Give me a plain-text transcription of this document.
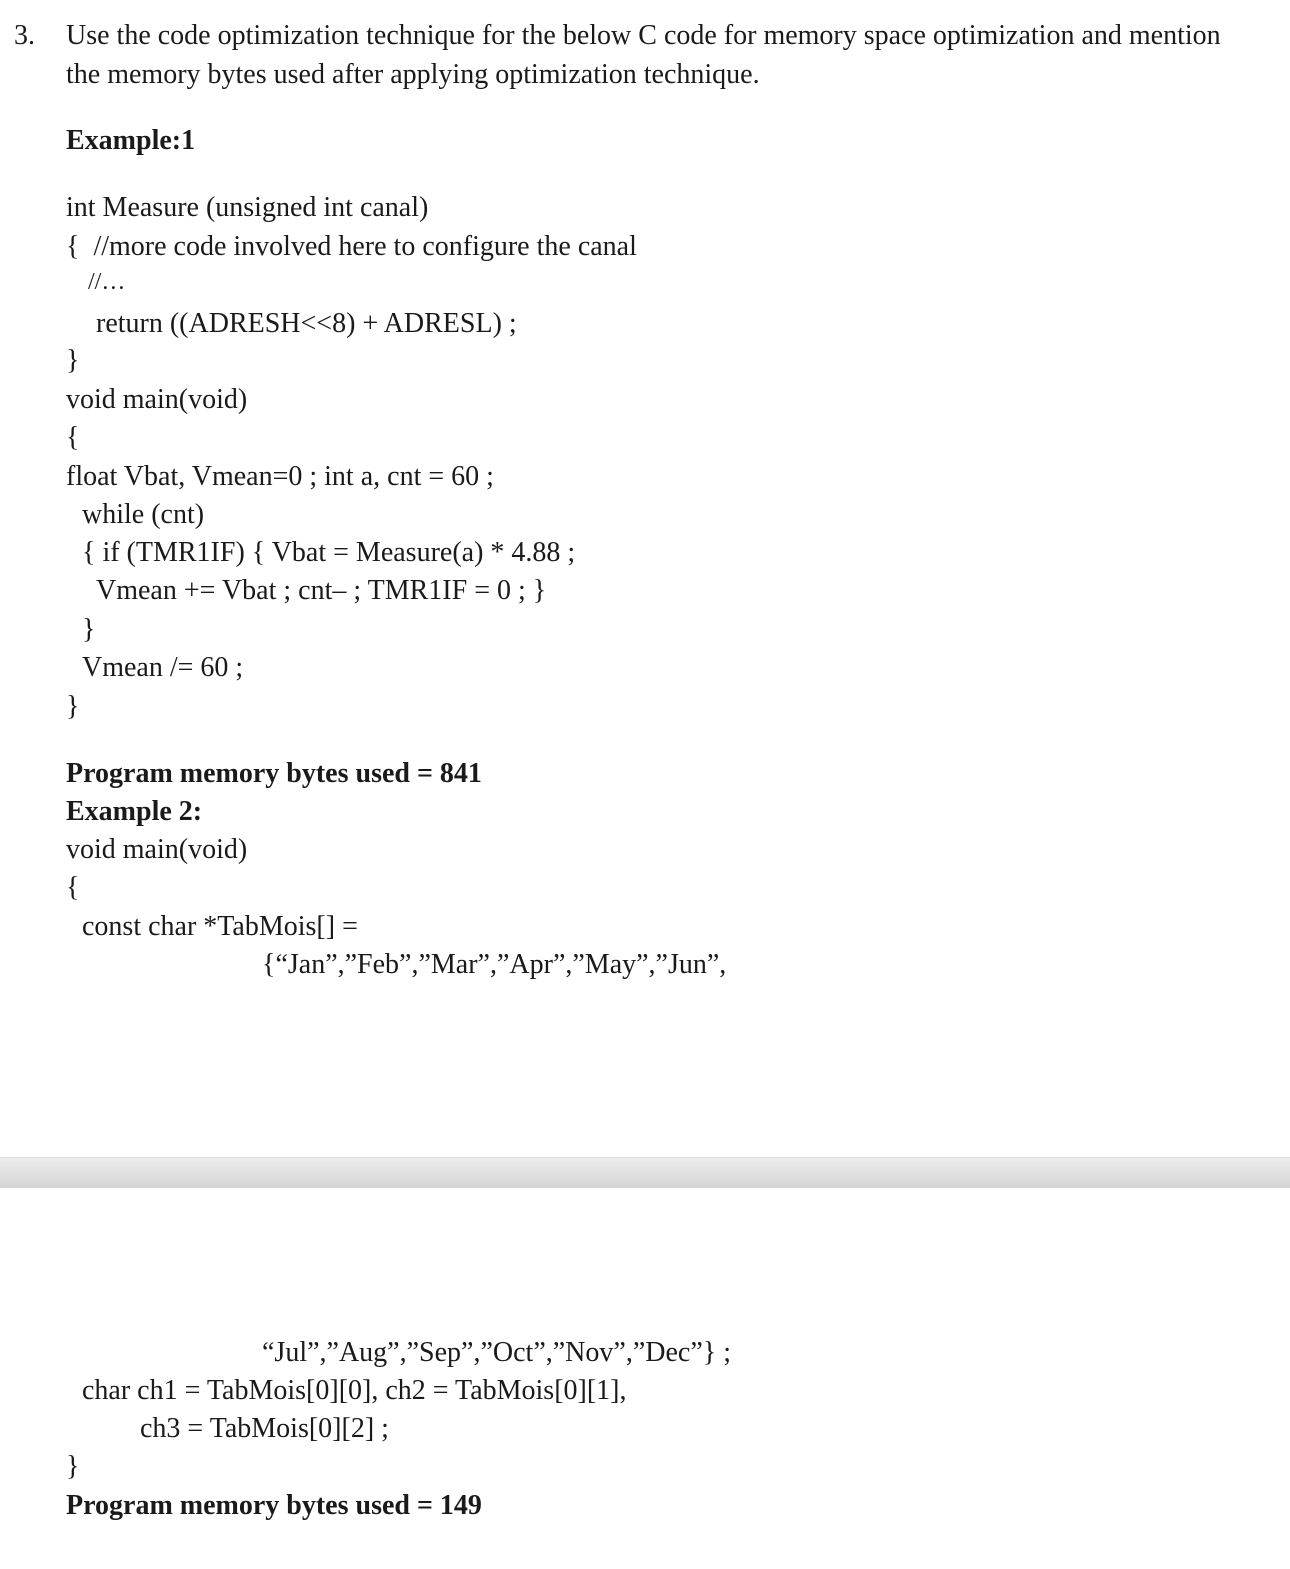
3. Use the code optimization technique for the below C code for memory space optimization and mention
the memory bytes used after applying optimization technique.
Example:1
int Measure (unsigned int canal)
{  //more code involved here to configure the canal
//…
return ((ADRESH<<8) + ADRESL) ;
}
void main(void)
{
float Vbat, Vmean=0 ; int a, cnt = 60 ;
while (cnt)
{ if (TMR1IF) { Vbat = Measure(a) * 4.88 ;
Vmean += Vbat ; cnt– ; TMR1IF = 0 ; }
}
Vmean /= 60 ;
}
Program memory bytes used = 841
Example 2:
void main(void)
{
const char *TabMois[] =
{“Jan”,”Feb”,”Mar”,”Apr”,”May”,”Jun”,
“Jul”,”Aug”,”Sep”,”Oct”,”Nov”,”Dec”} ;
char ch1 = TabMois[0][0], ch2 = TabMois[0][1],
ch3 = TabMois[0][2] ;
}
Program memory bytes used = 149
